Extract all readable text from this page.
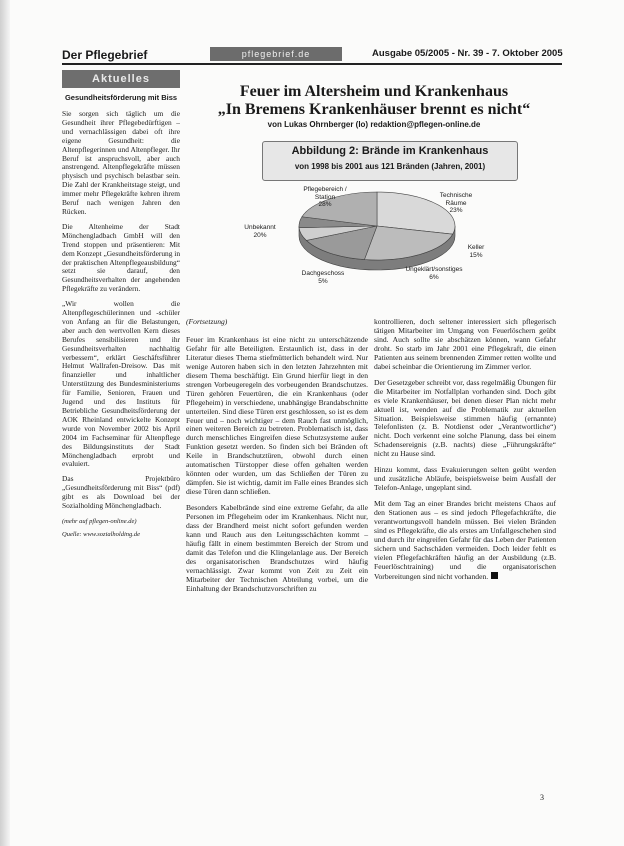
Der Pflegebrief	pflegebrief.de	Ausgabe 05/2005 - Nr. 39 - 7. Oktober 2005
Aktuelles
Gesundheitsförderung mit Biss

Sie sorgen sich täglich um die Gesundheit ihrer Pflegebedürftigen – und vernachlässigen dabei oft ihre eigene Gesundheit: die Altenpflegerinnen und Altenpfleger. Ihr Beruf ist anspruchsvoll, aber auch anstrengend. Altenpflegekräfte müssen physisch und psychisch belastbar sein. Die Zahl der Krankheitstage steigt, und immer mehr Pflegekräfte kehren ihrem Beruf nach wenigen Jahren den Rücken.

Die Altenheime der Stadt Mönchengladbach GmbH will den Trend stoppen und präsentieren: Mit dem Konzept „Gesundheitsförderung in der praktischen Altenpflegeausbildung“ setzt sie darauf, den Gesundheitsverhalten der angehenden Pflegekräfte zu verändern.

„Wir wollen die Altenpflegeschülerinnen und -schüler von Anfang an für die Belastungen, aber auch den wertvollen Kern dieses Berufes sensibilisieren und ihr Gesundheitsverhalten nachhaltig verbessern“, erklärt Geschäftsführer Helmut Wallrafen-Dreisow. Das mit finanzieller und inhaltlicher Unterstützung des Bundesministeriums für Familie, Senioren, Frauen und Jugend und des Instituts für Betriebliche Gesundheitsförderung der AOK Rheinland entwickelte Konzept wurde von November 2002 bis April 2004 im Fachseminar für Altenpflege des Bildungsinstituts der Stadt Mönchengladbach erprobt und evaluiert.

Das Projektbüro „Gesundheitsförderung mit Biss“ (pdf) gibt es als Download bei der Sozialholding Mönchengladbach.

(mehr auf pflegen-online.de)
Quelle: www.sozialholding.de
Feuer im Altersheim und Krankenhaus
„In Bremens Krankenhäuser brennt es nicht“
von Lukas Ohrnberger (lo) redaktion@pflegen-online.de
Abbildung 2: Brände im Krankenhaus
von 1998 bis 2001 aus 121 Bränden (Jahren, 2001)
Pflegebereich / Station
28%
Technische Räume
23%
Keller
15%
Ungeklärt/sonstiges
6%
Dachgeschoss
5%
Unbekannt
20%

(Fortsetzung)

Feuer im Krankenhaus ist eine nicht zu unterschätzende Gefahr für alle Beteiligten. Erstaunlich ist, dass in der Literatur dieses Thema stiefmütterlich behandelt wird. Nur wenige Autoren haben sich in den letzten Jahrzehnten mit diesem Thema beschäftigt. Ein Grund hierfür liegt in den strengen Vorbeugeregeln des vorbeugenden Brandschutzes. Türen gehören Feuertüren, die ein Krankenhaus (oder Pflegeheim) in verschiedene, unabhängige Brandabschnitte unterteilen. Sind diese Türen erst geschlossen, so ist es dem Feuer und – noch wichtiger – dem Rauch fast unmöglich, einen weiteren Bereich zu betreten. Problematisch ist, dass durch menschliches Eingreifen diese Schutzsysteme außer Funktion gesetzt werden. So finden sich bei Bränden oft Keile in Brandschutztüren, obwohl durch einen automatischen Türstopper diese offen gehalten werden könnten oder wurden, um das Schließen der Türen zu dämpfen. Sie ist wichtig, damit im Falle eines Brandes sich diese Türen dann schließen.

Besonders Kabelbrände sind eine extreme Gefahr, da alle Personen im Pflegeheim oder im Krankenhaus. Nicht nur, dass der Brandherd meist nicht sofort gefunden werden kann und Rauch aus den Leitungsschächten kommt – häufig fällt in einem bestimmten Bereich der Strom und damit das Telefon und die Klingelanlage aus. Der Bereich des organisatorischen Brandschutzes wird häufig vernachlässigt. Zwar kommt von Zeit zu Zeit ein Mitarbeiter der Technischen Abteilung vorbei, um die Einhaltung der Brandschutzvorschriften zu

kontrollieren, doch seltener interessiert sich pflegerisch tätigen Mitarbeiter im Umgang von Feuerlöschern geübt sind. Auch sollte sie abschätzen können, wann Gefahr droht. So starb im Jahr 2001 eine Pflegekraft, die einen Patienten aus seinem brennenden Zimmer retten wollte und dabei scheinbar die Orientierung im Zimmer verlor.

Der Gesetzgeber schreibt vor, dass regelmäßig Übungen für die Mitarbeiter im Notfallplan vorhanden sind. Doch gibt es viele Krankenhäuser, bei denen dieser Plan nicht mehr aktuell ist, wenden auf die Problematik zur aktuellen Situation. Beispielsweise stimmen häufig (ernannte) Telefonlisten (z. B. Notdienst oder „Verantwortliche“) nicht. Doch verkennt eine solche Planung, dass bei einem Schadensereignis (z.B. nachts) diese „Führungskräfte“ nicht zu Hause sind.

Hinzu kommt, dass Evakuierungen selten geübt werden und zusätzliche Abläufe, beispielsweise beim Ausfall der Telefon-Anlage, ungeplant sind.

Mit dem Tag an einer Brandes bricht meistens Chaos auf den Stationen aus – es sind jedoch Pflegefachkräfte, die verantwortungsvoll handeln müssen. Bei vielen Bränden sind es Pflegekräfte, die als erstes am Unfallgeschehen sind und durch ihr eingreifen Gefahr für das Leben der Patienten sichern und Sachschäden vermeiden. Doch leider fehlt es vielen Pflegefachkräften häufig an der Ausbildung (z.B. Feuerlöschtraining) und die organisatorischen Vorbereitungen sind nicht vorhanden.

3
